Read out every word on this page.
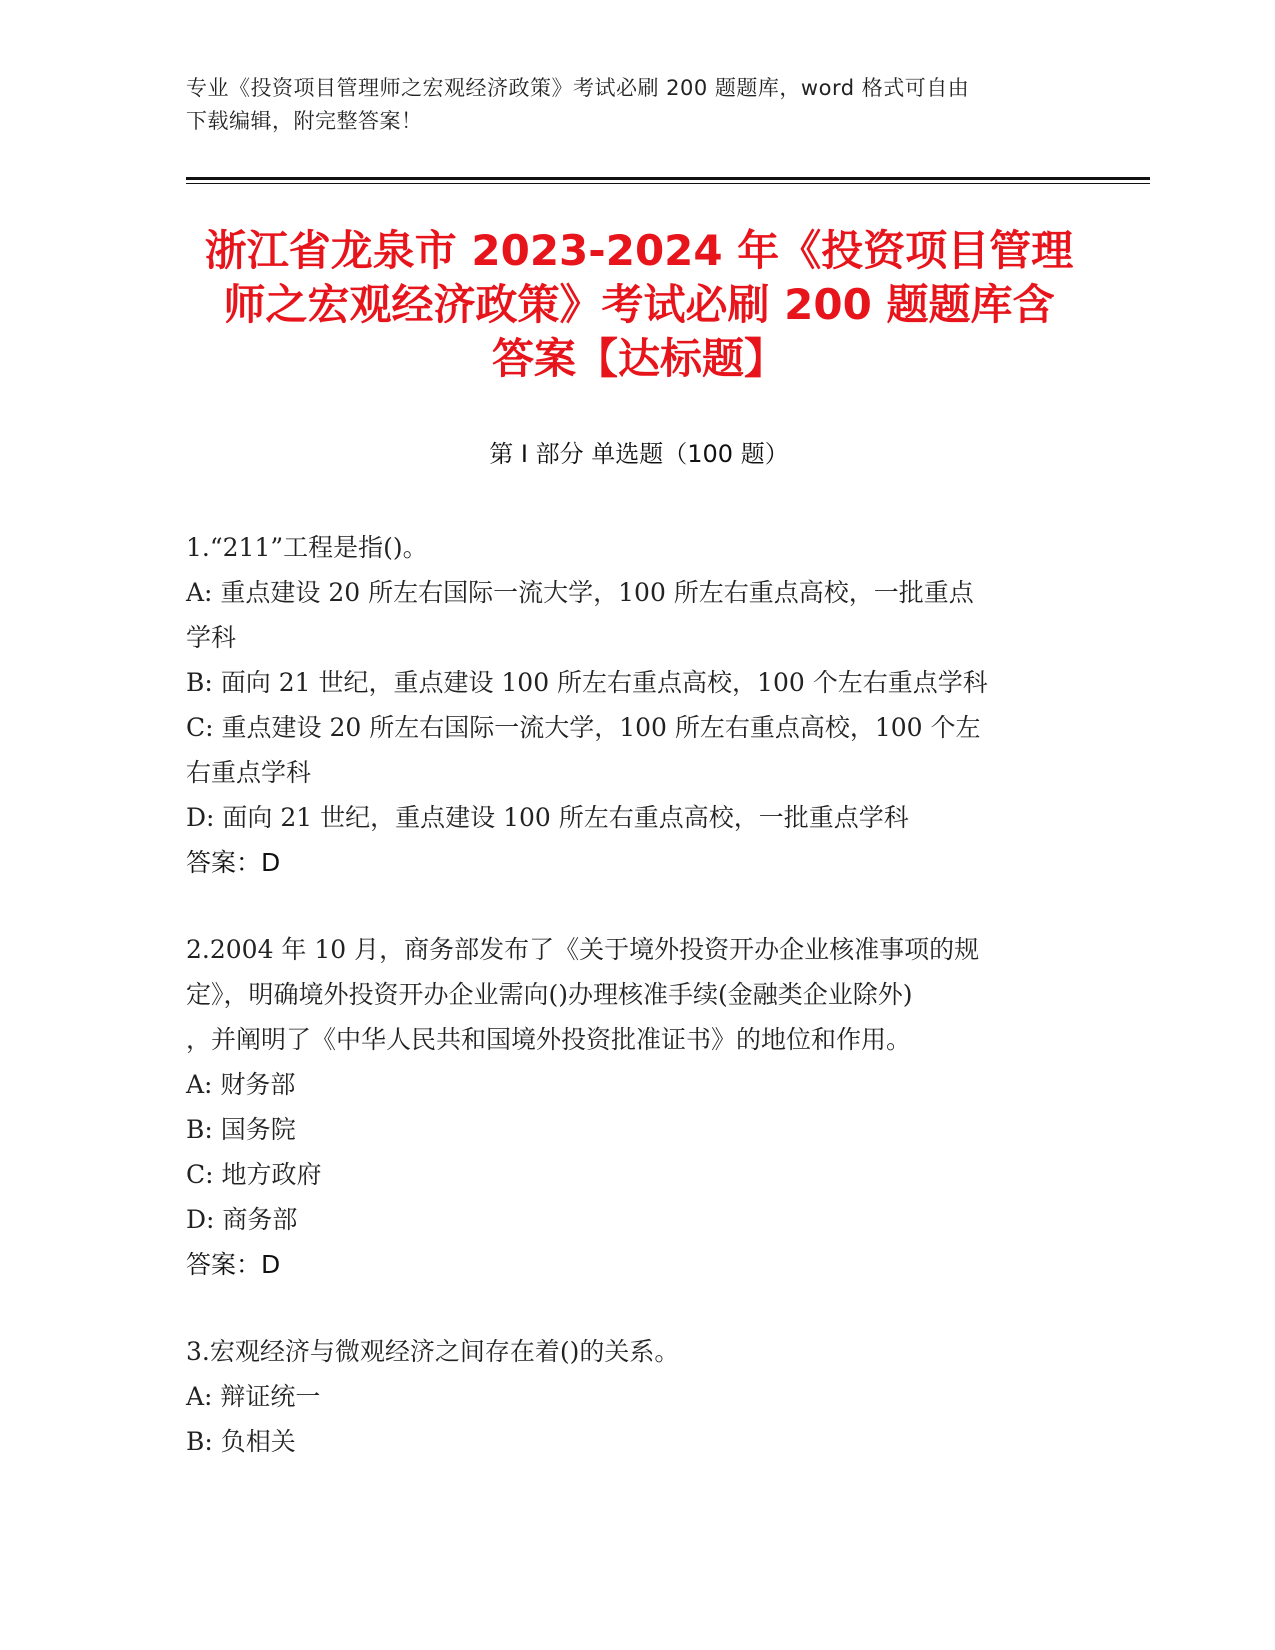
专业《投资项目管理师之宏观经济政策》考试必刷 200 题题库，word 格式可自由
下载编辑，附完整答案！
浙江省龙泉市 2023-2024 年《投资项目管理
师之宏观经济政策》考试必刷 200 题题库含
答案【达标题】
第 I 部分 单选题（100 题）
1.“211”工程是指()。
A: 重点建设 20 所左右国际一流大学，100 所左右重点高校，一批重点
学科
B: 面向 21 世纪，重点建设 100 所左右重点高校，100 个左右重点学科
C: 重点建设 20 所左右国际一流大学，100 所左右重点高校，100 个左
右重点学科
D: 面向 21 世纪，重点建设 100 所左右重点高校，一批重点学科
答案：D
2.2004 年 10 月，商务部发布了《关于境外投资开办企业核准事项的规
定》，明确境外投资开办企业需向()办理核准手续(金融类企业除外)
，并阐明了《中华人民共和国境外投资批准证书》的地位和作用。
A: 财务部
B: 国务院
C: 地方政府
D: 商务部
答案：D
3.宏观经济与微观经济之间存在着()的关系。
A: 辩证统一
B: 负相关
